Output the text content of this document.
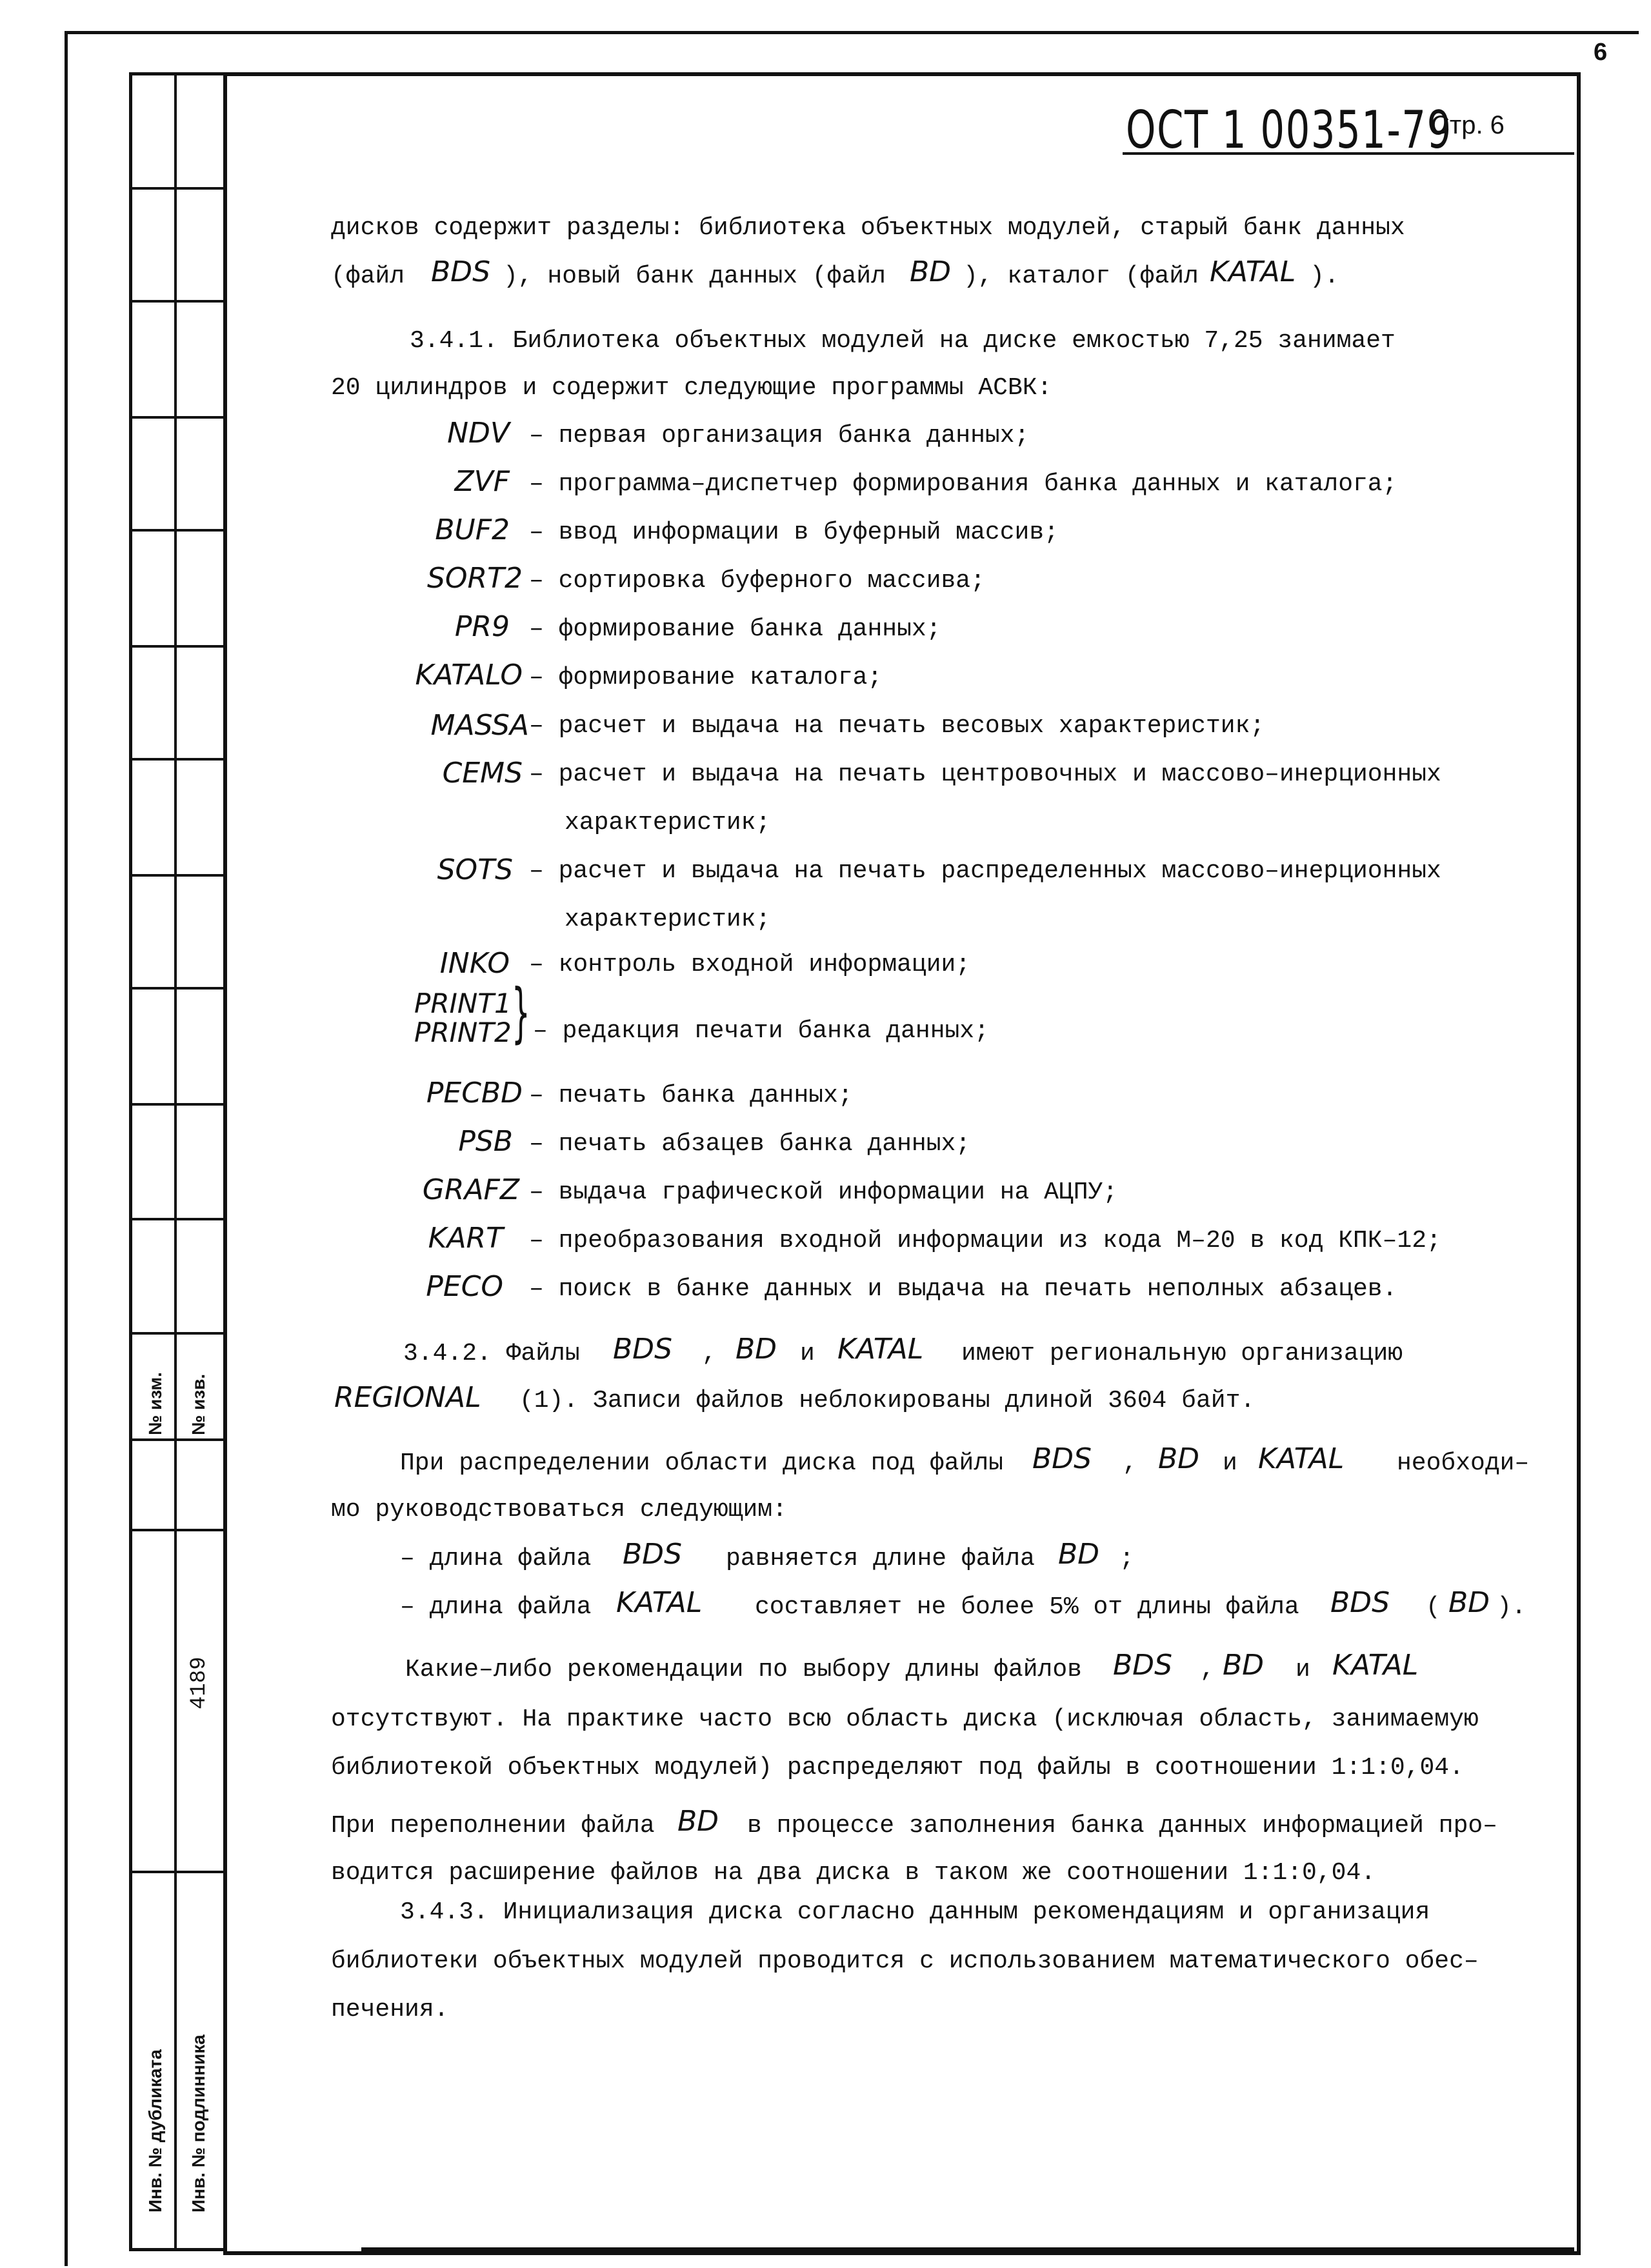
№ изм. № изв.
4189
Инв. № дубликата Инв. № подлинника
6
ОСТ 1 00351-79
Стр. 6
дисков содержит разделы: библиотека объектных модулей, старый банк данных
(файл BDS ), новый банк данных (файл BD ), каталог (файл KATAL ).
3.4.1. Библиотека объектных модулей на диске емкостью 7,25 занимает
20 цилиндров и содержит следующие программы АСВК:
NDV – первая организация банка данных;
ZVF – программа–диспетчер формирования банка данных и каталога;
BUF2 – ввод информации в буферный массив;
SORT2 – сортировка буферного массива;
PR9 – формирование банка данных;
KATALO – формирование каталога;
MASSA – расчет и выдача на печать весовых характеристик;
CEMS – расчет и выдача на печать центровочных и массово–инерционных
характеристик;
SOTS – расчет и выдача на печать распределенных массово–инерционных
характеристик;
INKO – контроль входной информации;
PRINT1
PRINT2 } – редакция печати банка данных;
PECBD – печать банка данных;
PSB – печать абзацев банка данных;
GRAFZ – выдача графической информации на АЦПУ;
KART – преобразования входной информации из кода М–20 в код КПК–12;
PECO – поиск в банке данных и выдача на печать неполных абзацев.
3.4.2. Файлы BDS , BD и KATAL имеют региональную организацию
REGIONAL (1). Записи файлов неблокированы длиной 3604 байт.
При распределении области диска под файлы BDS , BD и KATAL необходи–
мо руководствоваться следующим:
– длина файла BDS равняется длине файла BD ;
– длина файла KATAL составляет не более 5% от длины файла BDS ( BD ).
Какие–либо рекомендации по выбору длины файлов BDS , BD и KATAL
отсутствуют. На практике часто всю область диска (исключая область, занимаемую
библиотекой объектных модулей) распределяют под файлы в соотношении 1:1:0,04.
При переполнении файла BD в процессе заполнения банка данных информацией про–
водится расширение файлов на два диска в таком же соотношении 1:1:0,04.
3.4.3. Инициализация диска согласно данным рекомендациям и организация
библиотеки объектных модулей проводится с использованием математического обес–
печения.
